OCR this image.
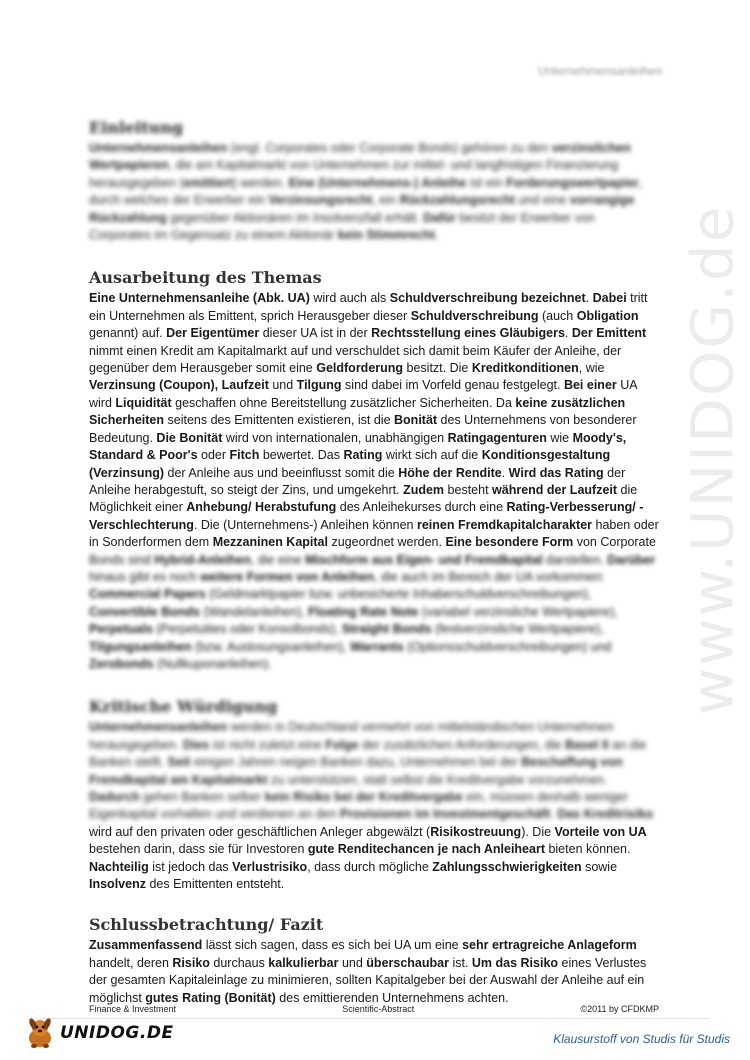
Unternehmensanleihen
www.UNIDOG.de
Einleitung

Unternehmensanleihen (engl. Corporates oder Corporate Bonds) gehören zu den verzinslichen Wertpapieren, die am Kapitalmarkt von Unternehmen zur mittel- und langfristigen Finanzierung herausgegeben (emittiert) werden. Eine (Unternehmens-) Anleihe ist ein Forderungswertpapier, durch welches der Erwerber ein Verzinsungsrecht, ein Rückzahlungsrecht und eine vorrangige Rückzahlung gegenüber Aktionären im Insolvenzfall erhält. Dafür besitzt der Erwerber von Corporates im Gegensatz zu einem Aktionär kein Stimmrecht.

Ausarbeitung des Themas

Eine Unternehmensanleihe (Abk. UA) wird auch als Schuldverschreibung bezeichnet. Dabei tritt ein Unternehmen als Emittent, sprich Herausgeber dieser Schuldverschreibung (auch Obligation genannt) auf. Der Eigentümer dieser UA ist in der Rechtsstellung eines Gläubigers. Der Emittent nimmt einen Kredit am Kapitalmarkt auf und verschuldet sich damit beim Käufer der Anleihe, der gegenüber dem Herausgeber somit eine Geldforderung besitzt. Die Kreditkonditionen, wie Verzinsung (Coupon), Laufzeit und Tilgung sind dabei im Vorfeld genau festgelegt. Bei einer UA wird Liquidität geschaffen ohne Bereitstellung zusätzlicher Sicherheiten. Da keine zusätzlichen Sicherheiten seitens des Emittenten existieren, ist die Bonität des Unternehmens von besonderer Bedeutung. Die Bonität wird von internationalen, unabhängigen Ratingagenturen wie Moody's, Standard & Poor's oder Fitch bewertet. Das Rating wirkt sich auf die Konditionsgestaltung (Verzinsung) der Anleihe aus und beeinflusst somit die Höhe der Rendite. Wird das Rating der Anleihe herabgestuft, so steigt der Zins, und umgekehrt. Zudem besteht während der Laufzeit die Möglichkeit einer Anhebung/ Herabstufung des Anleihekurses durch eine Rating-Verbesserung/ -Verschlechterung. Die (Unternehmens-) Anleihen können reinen Fremdkapitalcharakter haben oder in Sonderformen dem Mezzaninen Kapital zugeordnet werden. Eine besondere Form von Corporate

Bonds sind Hybrid-Anleihen, die eine Mischform aus Eigen- und Fremdkapital darstellen. Darüber hinaus gibt es noch weitere Formen von Anleihen, die auch im Bereich der UA vorkommen: Commercial Papers (Geldmarktpapier bzw. unbesicherte Inhaberschuldverschreibungen), Convertible Bonds (Wandelanleihen), Floating Rate Note (variabel verzinsliche Wertpapiere), Perpetuals (Perpetuities oder Konsolbonds), Straight Bonds (festverzinsliche Wertpapiere), Tilgungsanleihen (bzw. Auslosungsanleihen), Warrants (Optionsschuldverschreibungen) und Zerobonds (Nullkuponanleihen).

Kritische Würdigung

Unternehmensanleihen werden in Deutschland vermehrt von mittelständischen Unternehmen herausgegeben. Dies ist nicht zuletzt eine Folge der zusätzlichen Anforderungen, die Basel II an die Banken stellt. Seit einigen Jahren neigen Banken dazu, Unternehmen bei der Beschaffung von Fremdkapital am Kapitalmarkt zu unterstützen, statt selbst die Kreditvergabe vorzunehmen. Dadurch gehen Banken selber kein Risiko bei der Kreditvergabe ein, müssen deshalb weniger Eigenkapital vorhalten und verdienen an den Provisionen im Investmentgeschäft. Das Kreditrisiko

wird auf den privaten oder geschäftlichen Anleger abgewälzt (Risikostreuung). Die Vorteile von UA bestehen darin, dass sie für Investoren gute Renditechancen je nach Anleiheart bieten können. Nachteilig ist jedoch das Verlustrisiko, dass durch mögliche Zahlungsschwierigkeiten sowie Insolvenz des Emittenten entsteht.

Schlussbetrachtung/ Fazit

Zusammenfassend lässt sich sagen, dass es sich bei UA um eine sehr ertragreiche Anlageform handelt, deren Risiko durchaus kalkulierbar und überschaubar ist. Um das Risiko eines Verlustes der gesamten Kapitaleinlage zu minimieren, sollten Kapitalgeber bei der Auswahl der Anleihe auf ein möglichst gutes Rating (Bonität) des emittierenden Unternehmens achten.

Finance & Investment	Scientific-Abstract	©2011 by CFDKMP
UNIDOG.DE	Klausurstoff von Studis für Studis
